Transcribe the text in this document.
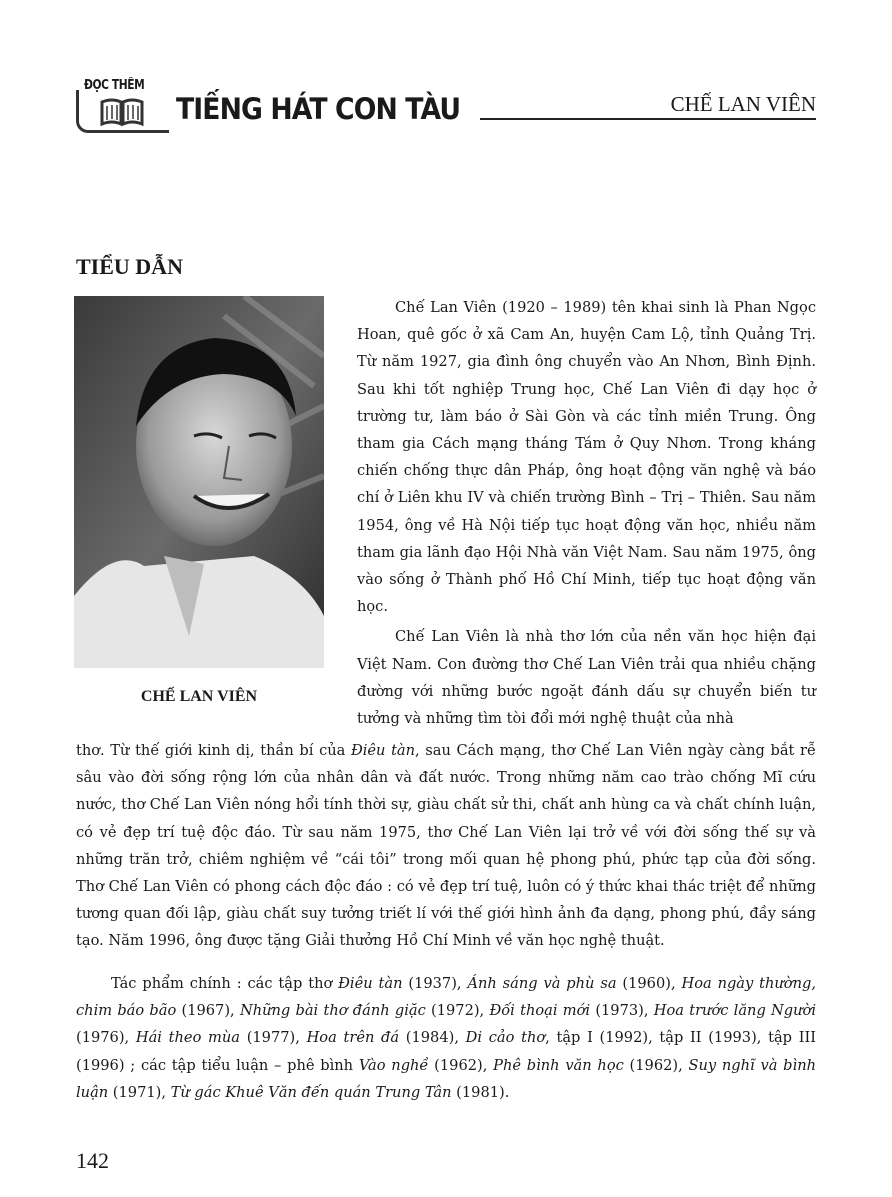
ĐỌC THÊM
TIẾNG HÁT CON TÀU	CHẾ LAN VIÊN
TIỂU DẪN
CHẾ LAN VIÊN

Chế Lan Viên (1920 – 1989) tên khai sinh là Phan Ngọc Hoan, quê gốc ở xã Cam An, huyện Cam Lộ, tỉnh Quảng Trị. Từ năm 1927, gia đình ông chuyển vào An Nhơn, Bình Định. Sau khi tốt nghiệp Trung học, Chế Lan Viên đi dạy học ở trường tư, làm báo ở Sài Gòn và các tỉnh miền Trung. Ông tham gia Cách mạng tháng Tám ở Quy Nhơn. Trong kháng chiến chống thực dân Pháp, ông hoạt động văn nghệ và báo chí ở Liên khu IV và chiến trường Bình – Trị – Thiên. Sau năm 1954, ông về Hà Nội tiếp tục hoạt động văn học, nhiều năm tham gia lãnh đạo Hội Nhà văn Việt Nam. Sau năm 1975, ông vào sống ở Thành phố Hồ Chí Minh, tiếp tục hoạt động văn học.

Chế Lan Viên là nhà thơ lớn của nền văn học hiện đại Việt Nam. Con đường thơ Chế Lan Viên trải qua nhiều chặng đường với những bước ngoặt đánh dấu sự chuyển biến tư tưởng và những tìm tòi đổi mới nghệ thuật của nhà

thơ. Từ thế giới kinh dị, thần bí của Điêu tàn, sau Cách mạng, thơ Chế Lan Viên ngày càng bắt rễ sâu vào đời sống rộng lớn của nhân dân và đất nước. Trong những năm cao trào chống Mĩ cứu nước, thơ Chế Lan Viên nóng hổi tính thời sự, giàu chất sử thi, chất anh hùng ca và chất chính luận, có vẻ đẹp trí tuệ độc đáo. Từ sau năm 1975, thơ Chế Lan Viên lại trở về với đời sống thế sự và những trăn trở, chiêm nghiệm về “cái tôi” trong mối quan hệ phong phú, phức tạp của đời sống. Thơ Chế Lan Viên có phong cách độc đáo : có vẻ đẹp trí tuệ, luôn có ý thức khai thác triệt để những tương quan đối lập, giàu chất suy tưởng triết lí với thế giới hình ảnh đa dạng, phong phú, đầy sáng tạo. Năm 1996, ông được tặng Giải thưởng Hồ Chí Minh về văn học nghệ thuật.

Tác phẩm chính : các tập thơ Điêu tàn (1937), Ánh sáng và phù sa (1960), Hoa ngày thường, chim báo bão (1967), Những bài thơ đánh giặc (1972), Đối thoại mới (1973), Hoa trước lăng Người (1976), Hái theo mùa (1977), Hoa trên đá (1984), Di cảo thơ, tập I (1992), tập II (1993), tập III (1996) ; các tập tiểu luận – phê bình Vào nghề (1962), Phê bình văn học (1962), Suy nghĩ và bình luận (1971), Từ gác Khuê Văn đến quán Trung Tân (1981).

142
